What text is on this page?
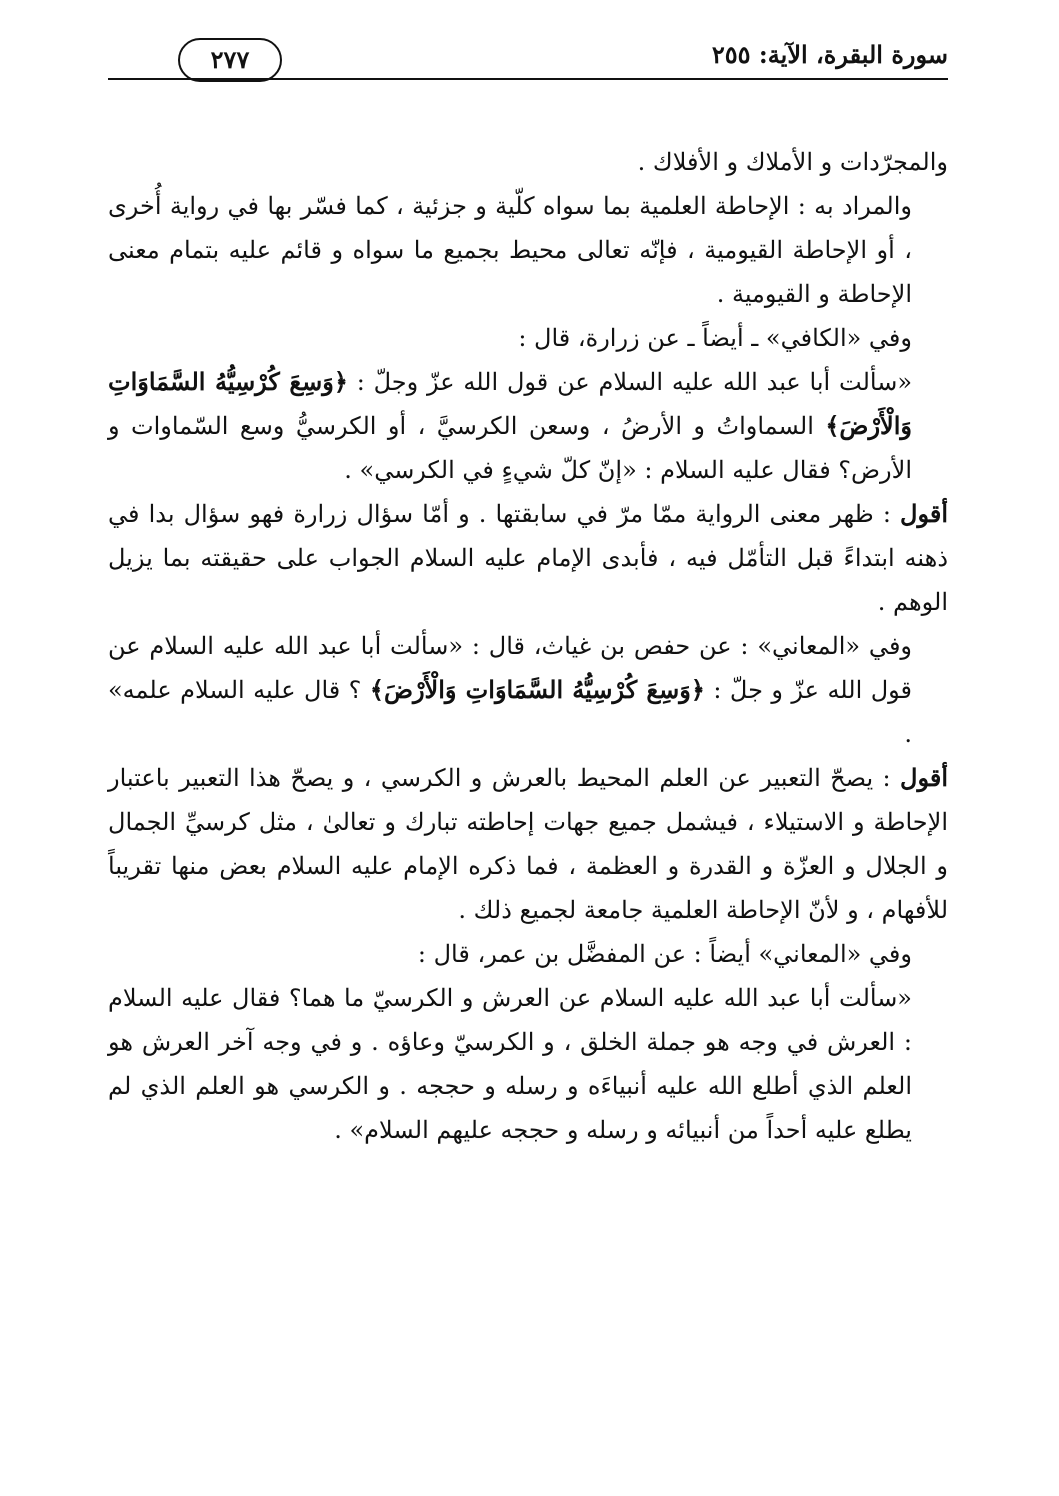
سورة البقرة، الآية: ٢٥٥
٢٧٧

والمجرّدات و الأملاك و الأفلاك .

والمراد به : الإحاطة العلمية بما سواه كلّية و جزئية ، كما فسّر بها في رواية أُخرى ، أو الإحاطة القيومية ، فإنّه تعالى محيط بجميع ما سواه و قائم عليه بتمام معنى الإحاطة و القيومية .

وفي «الكافي» ـ أيضاً ـ عن زرارة، قال :

«سألت أبا عبد الله عليه السلام عن قول الله عزّ وجلّ : ﴿وَسِعَ كُرْسِيُّهُ السَّمَاوَاتِ وَالْأَرْضَ﴾ السماواتُ و الأرضُ ، وسعن الكرسيَّ ، أو الكرسيُّ وسع السّماوات و الأرض؟ فقال عليه السلام : «إنّ كلّ شيءٍ في الكرسي» .

أقول : ظهر معنى الرواية ممّا مرّ في سابقتها . و أمّا سؤال زرارة فهو سؤال بدا في ذهنه ابتداءً قبل التأمّل فيه ، فأبدى الإمام عليه السلام الجواب على حقيقته بما يزيل الوهم .

وفي «المعاني» : عن حفص بن غياث، قال : «سألت أبا عبد الله عليه السلام عن قول الله عزّ و جلّ : ﴿وَسِعَ كُرْسِيُّهُ السَّمَاوَاتِ وَالْأَرْضَ﴾ ؟ قال عليه السلام علمه» .

أقول : يصحّ التعبير عن العلم المحيط بالعرش و الكرسي ، و يصحّ هذا التعبير باعتبار الإحاطة و الاستيلاء ، فيشمل جميع جهات إحاطته تبارك و تعالىٰ ، مثل كرسيِّ الجمال و الجلال و العزّة و القدرة و العظمة ، فما ذكره الإمام عليه السلام بعض منها تقريباً للأفهام ، و لأنّ الإحاطة العلمية جامعة لجميع ذلك .

وفي «المعاني» أيضاً : عن المفضَّل بن عمر، قال :

«سألت أبا عبد الله عليه السلام عن العرش و الكرسيّ ما هما؟ فقال عليه السلام : العرش في وجه هو جملة الخلق ، و الكرسيّ وعاؤه . و في وجه آخر العرش هو العلم الذي أطلع الله عليه أنبياءَه و رسله و حججه . و الكرسي هو العلم الذي لم يطلع عليه أحداً من أنبيائه و رسله و حججه عليهم السلام» .
